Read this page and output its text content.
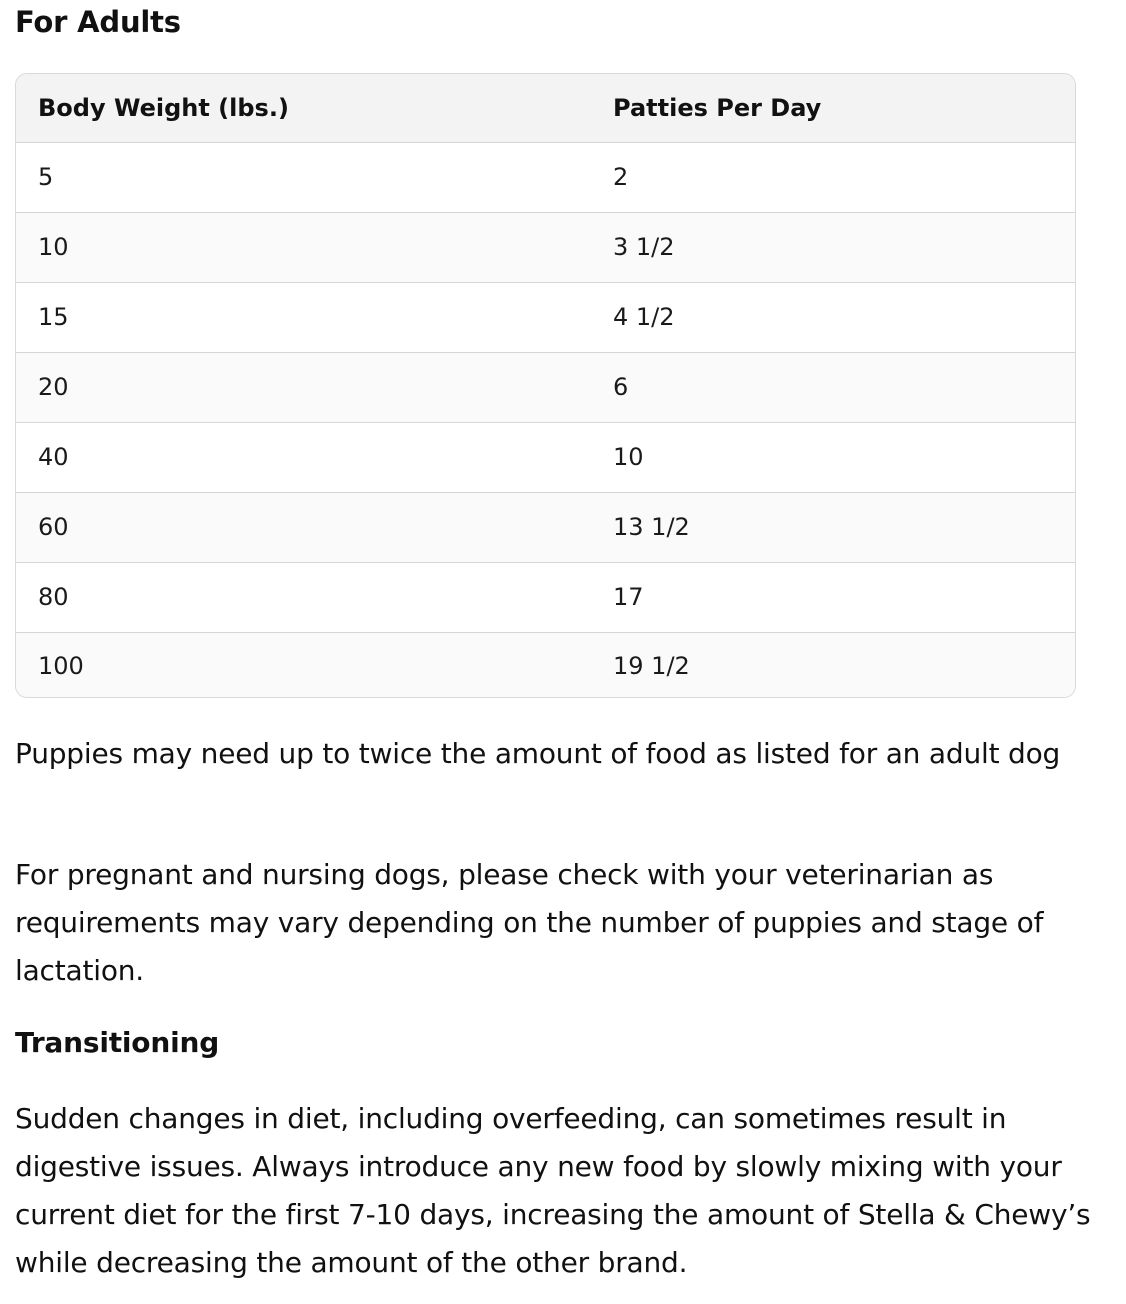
For Adults
Body Weight (lbs.)	Patties Per Day
5	2
10	3 1/2
15	4 1/2
20	6
40	10
60	13 1/2
80	17
100	19 1/2

Puppies may need up to twice the amount of food as listed for an adult dog

For pregnant and nursing dogs, please check with your veterinarian as requirements may vary depending on the number of puppies and stage of lactation.

Transitioning

Sudden changes in diet, including overfeeding, can sometimes result in digestive issues. Always introduce any new food by slowly mixing with your current diet for the first 7-10 days, increasing the amount of Stella & Chewy’s while decreasing the amount of the other brand.
